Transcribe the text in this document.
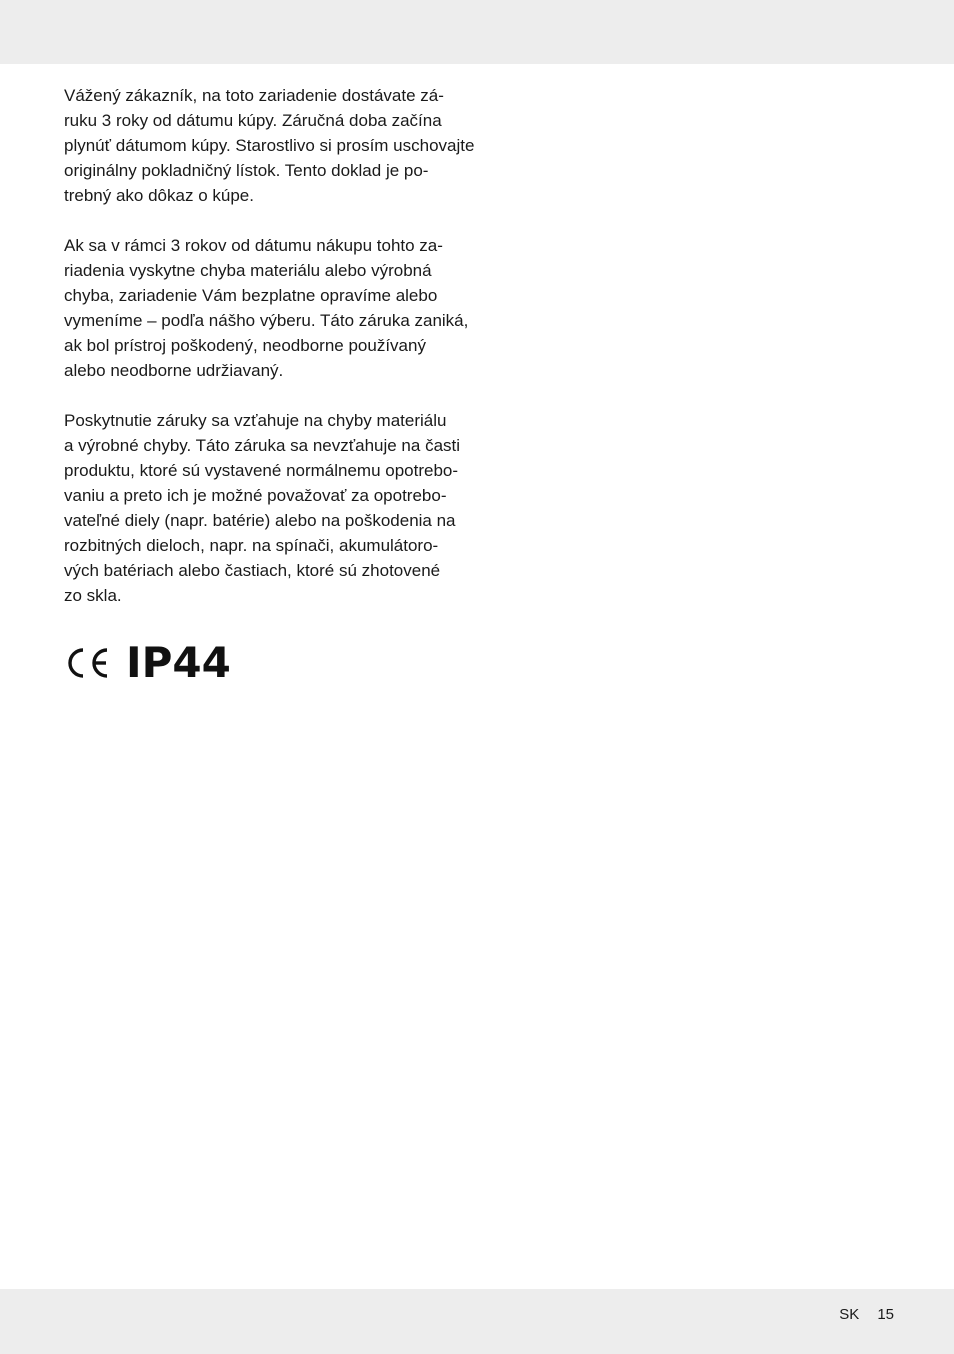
Vážený zákazník, na toto zariadenie dostávate zá-
ruku 3 roky od dátumu kúpy. Záručná doba začína
plynúť dátumom kúpy. Starostlivo si prosím uschovajte
originálny pokladničný lístok. Tento doklad je po-
trebný ako dôkaz o kúpe.

Ak sa v rámci 3 rokov od dátumu nákupu tohto za-
riadenia vyskytne chyba materiálu alebo výrobná
chyba, zariadenie Vám bezplatne opravíme alebo
vymeníme – podľa nášho výberu. Táto záruka zaniká,
ak bol prístroj poškodený, neodborne používaný
alebo neodborne udržiavaný.

Poskytnutie záruky sa vzťahuje na chyby materiálu
a výrobné chyby. Táto záruka sa nevzťahuje na časti
produktu, ktoré sú vystavené normálnemu opotrebo-
vaniu a preto ich je možné považovať za opotrebo-
vateľné diely (napr. batérie) alebo na poškodenia na
rozbitných dieloch, napr. na spínači, akumulátoro-
vých batériach alebo častiach, ktoré sú zhotovené
zo skla.

IP44
SK 15
